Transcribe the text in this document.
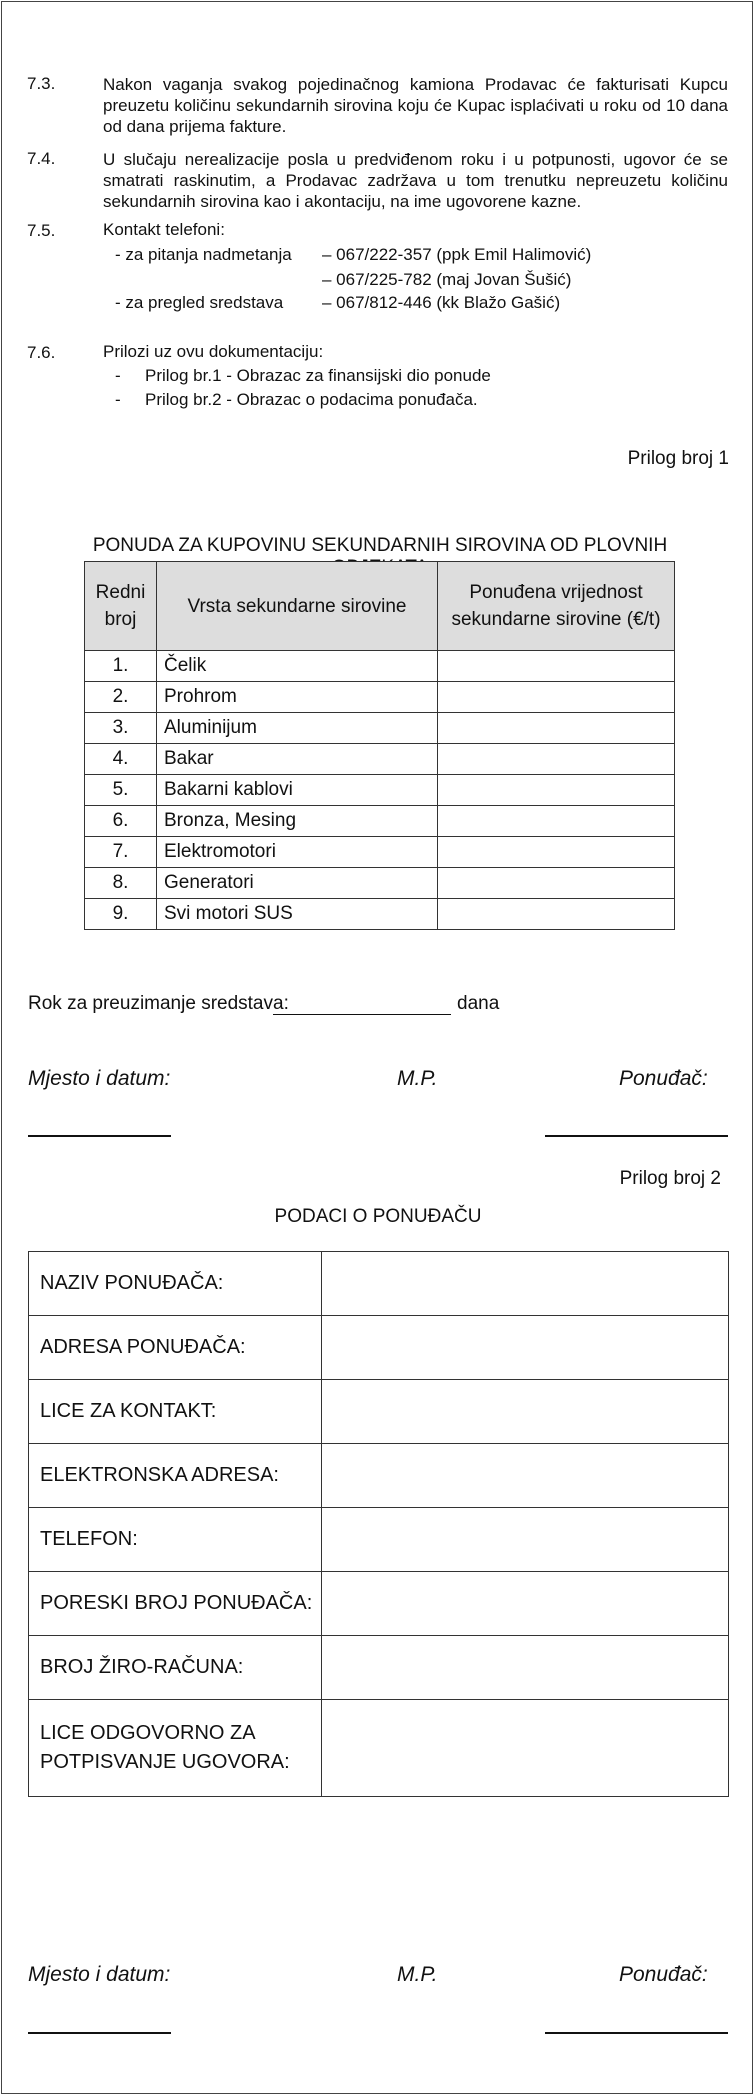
7.3.	Nakon vaganja svakog pojedinačnog kamiona Prodavac će fakturisati Kupcu preuzetu količinu sekundarnih sirovina koju će Kupac isplaćivati u roku od 10 dana od dana prijema fakture.
7.4.	U slučaju nerealizacije posla u predviđenom roku i u potpunosti, ugovor će se smatrati raskinutim, a Prodavac zadržava u tom trenutku nepreuzetu količinu sekundarnih sirovina kao i akontaciju, na ime ugovorene kazne.
7.5.	Kontakt telefoni:
- za pitanja nadmetanja – 067/222-357 (ppk Emil Halimović)
– 067/225-782 (maj Jovan Šušić)
- za pregled sredstava – 067/812-446 (kk Blažo Gašić)
7.6.	Prilozi uz ovu dokumentaciju:
- Prilog br.1 - Obrazac za finansijski dio ponude
- Prilog br.2 - Obrazac o podacima ponuđača.
Prilog broj 1
PONUDA ZA KUPOVINU SEKUNDARNIH SIROVINA OD PLOVNIH
Redni broj	Vrsta sekundarne sirovine	Ponuđena vrijednost sekundarne sirovine (€/t)
1.	Čelik	
2.	Prohrom	
3.	Aluminijum	
4.	Bakar	
5.	Bakarni kablovi	
6.	Bronza, Mesing	
7.	Elektromotori	
8.	Generatori	
9.	Svi motori SUS	
Rok za preuzimanje sredstava:	dana
Mjesto i datum:	M.P.	Ponuđač:
Prilog broj 2
PODACI O PONUĐAČU
NAZIV PONUĐAČA:	
ADRESA PONUĐAČA:	
LICE ZA KONTAKT:	
ELEKTRONSKA ADRESA:	
TELEFON:	
PORESKI BROJ PONUĐAČA:	
BROJ ŽIRO-RAČUNA:	
LICE ODGOVORNO ZA POTPISVANJE UGOVORA:	
Mjesto i datum:	M.P.	Ponuđač:
